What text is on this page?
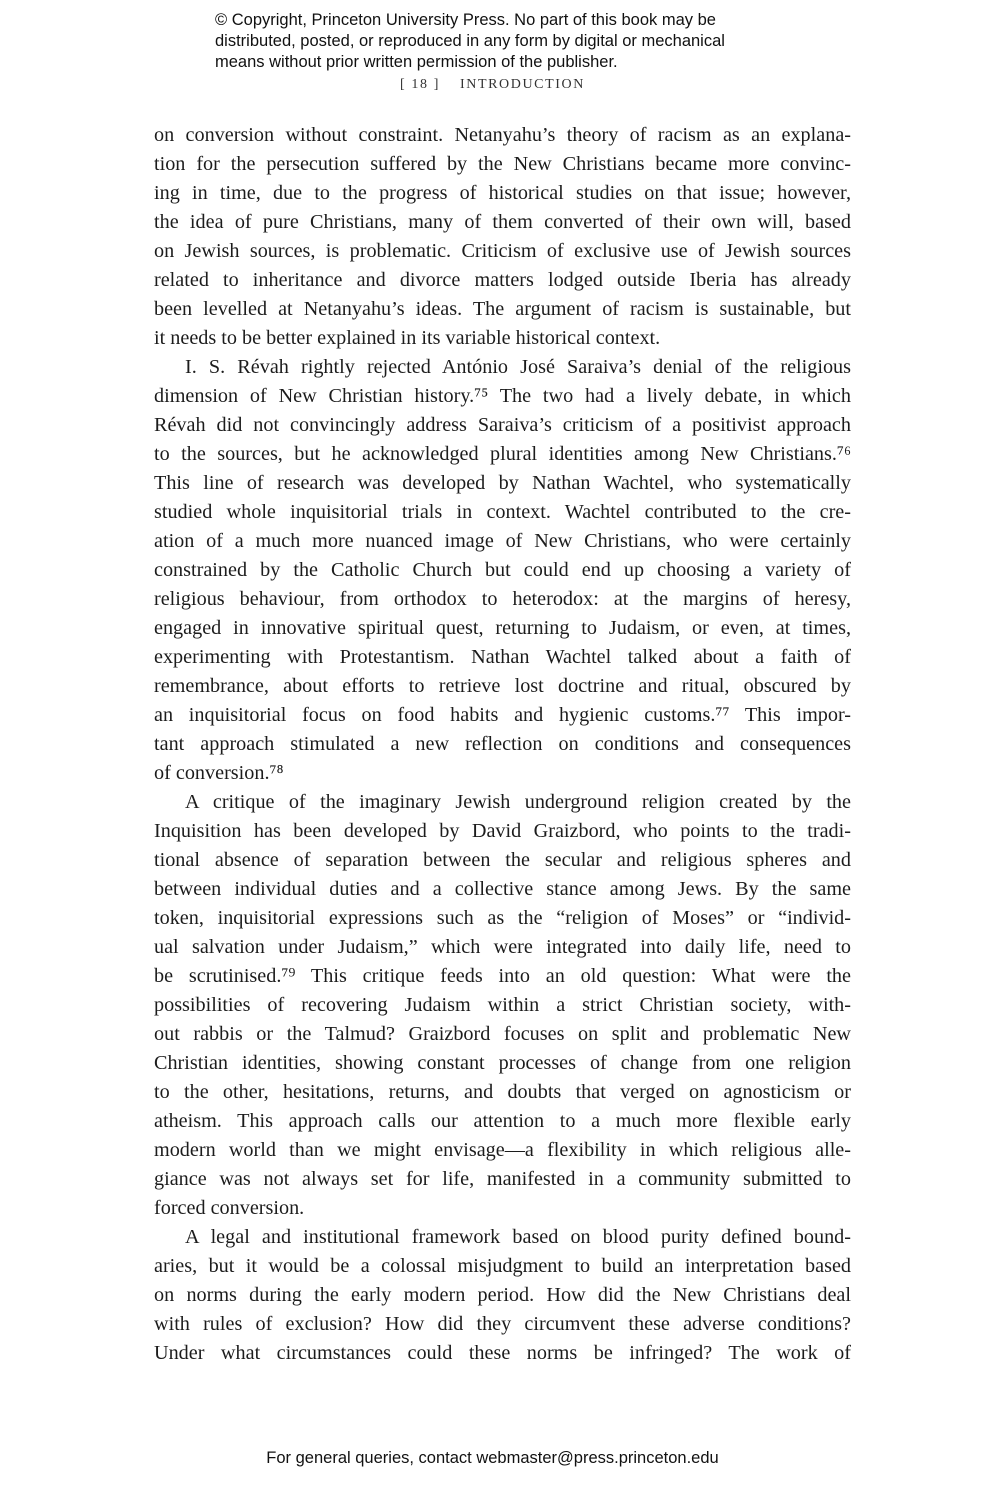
© Copyright, Princeton University Press. No part of this book may be
distributed, posted, or reproduced in any form by digital or mechanical
means without prior written permission of the publisher.
[ 18 ] INTRODUCTION
on conversion without constraint. Netanyahu’s theory of racism as an explana-
tion for the persecution suffered by the New Christians became more convinc-
ing in time, due to the progress of historical studies on that issue; however,
the idea of pure Christians, many of them converted of their own will, based
on Jewish sources, is problematic. Criticism of exclusive use of Jewish sources
related to inheritance and divorce matters lodged outside Iberia has already
been levelled at Netanyahu’s ideas. The argument of racism is sustainable, but
it needs to be better explained in its variable historical context.
I. S. Révah rightly rejected António José Saraiva’s denial of the religious
dimension of New Christian history.⁷⁵ The two had a lively debate, in which
Révah did not convincingly address Saraiva’s criticism of a positivist approach
to the sources, but he acknowledged plural identities among New Christians.⁷⁶
This line of research was developed by Nathan Wachtel, who systematically
studied whole inquisitorial trials in context. Wachtel contributed to the cre-
ation of a much more nuanced image of New Christians, who were certainly
constrained by the Catholic Church but could end up choosing a variety of
religious behaviour, from orthodox to heterodox: at the margins of heresy,
engaged in innovative spiritual quest, returning to Judaism, or even, at times,
experimenting with Protestantism. Nathan Wachtel talked about a faith of
remembrance, about efforts to retrieve lost doctrine and ritual, obscured by
an inquisitorial focus on food habits and hygienic customs.⁷⁷ This impor-
tant approach stimulated a new reflection on conditions and consequences
of conversion.⁷⁸
A critique of the imaginary Jewish underground religion created by the
Inquisition has been developed by David Graizbord, who points to the tradi-
tional absence of separation between the secular and religious spheres and
between individual duties and a collective stance among Jews. By the same
token, inquisitorial expressions such as the “religion of Moses” or “individ-
ual salvation under Judaism,” which were integrated into daily life, need to
be scrutinised.⁷⁹ This critique feeds into an old question: What were the
possibilities of recovering Judaism within a strict Christian society, with-
out rabbis or the Talmud? Graizbord focuses on split and problematic New
Christian identities, showing constant processes of change from one religion
to the other, hesitations, returns, and doubts that verged on agnosticism or
atheism. This approach calls our attention to a much more flexible early
modern world than we might envisage—a flexibility in which religious alle-
giance was not always set for life, manifested in a community submitted to
forced conversion.
A legal and institutional framework based on blood purity defined bound-
aries, but it would be a colossal misjudgment to build an interpretation based
on norms during the early modern period. How did the New Christians deal
with rules of exclusion? How did they circumvent these adverse conditions?
Under what circumstances could these norms be infringed? The work of
For general queries, contact webmaster@press.princeton.edu
